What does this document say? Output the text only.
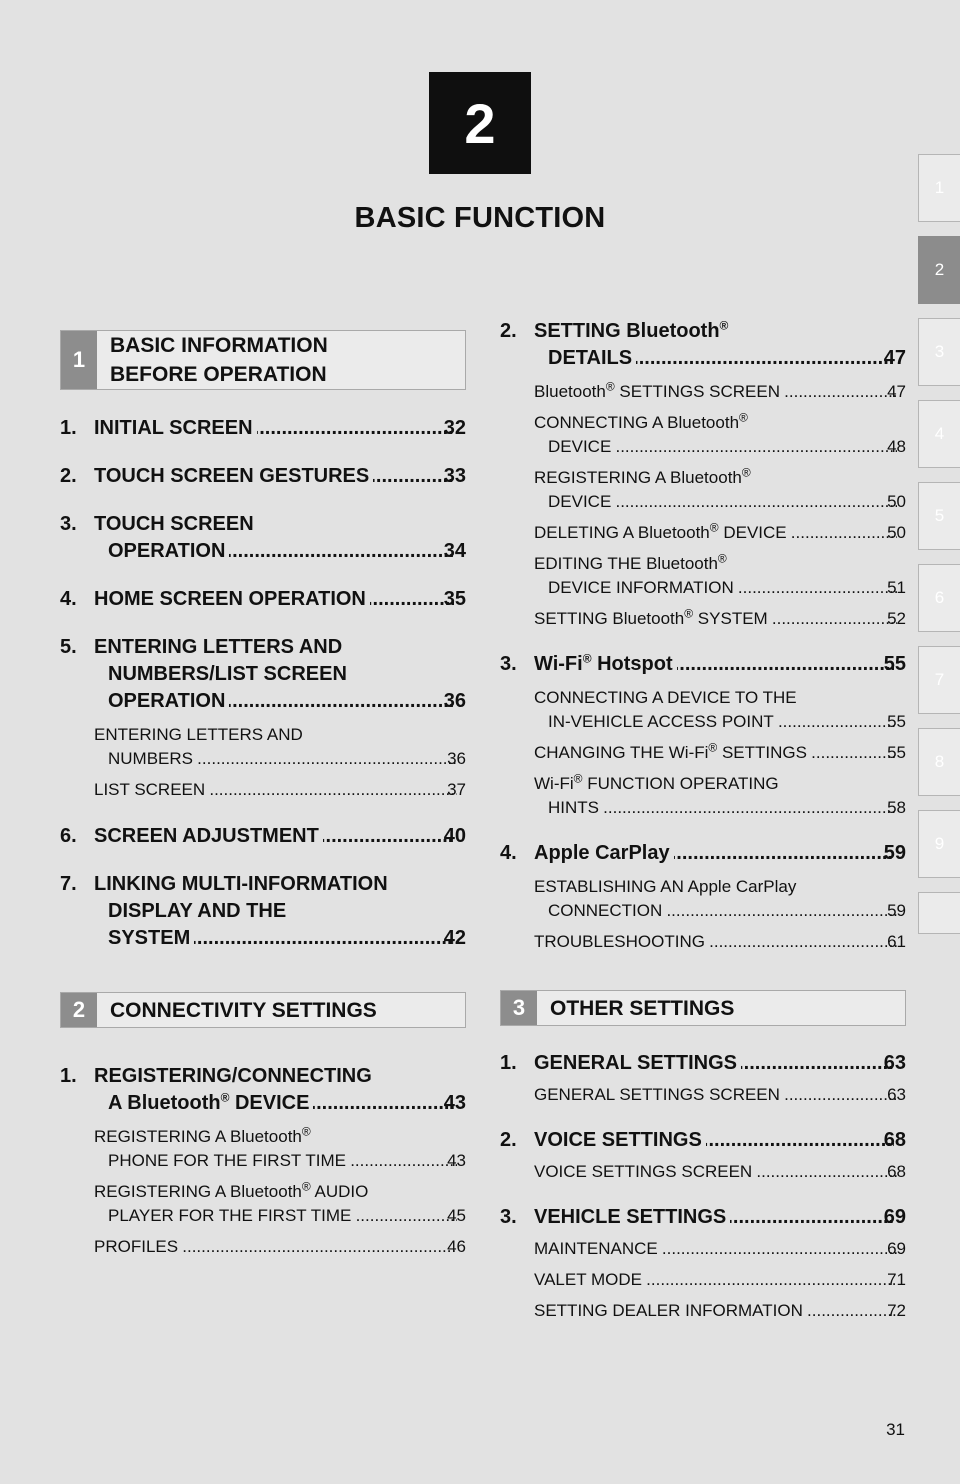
2
BASIC FUNCTION
1
2
3
4
5
6
7
8
9
1
BASIC INFORMATION
BEFORE OPERATION
1. INITIAL SCREEN .....	32
2. TOUCH SCREEN GESTURES .....	33
3. TOUCH SCREEN
OPERATION .....	34
4. HOME SCREEN OPERATION .....	35
5. ENTERING LETTERS AND
NUMBERS/LIST SCREEN
OPERATION .....	36
ENTERING LETTERS AND
NUMBERS .....	36
LIST SCREEN .....	37
6. SCREEN ADJUSTMENT .....	40
7. LINKING MULTI-INFORMATION
DISPLAY AND THE
SYSTEM .....	42
2	CONNECTIVITY SETTINGS
1. REGISTERING/CONNECTING
A Bluetooth® DEVICE .....	43
REGISTERING A Bluetooth®
PHONE FOR THE FIRST TIME .....	43
REGISTERING A Bluetooth® AUDIO
PLAYER FOR THE FIRST TIME .....	45
PROFILES .....	46
2. SETTING Bluetooth®
DETAILS .....	47
Bluetooth® SETTINGS SCREEN .....	47
CONNECTING A Bluetooth®
DEVICE .....	48
REGISTERING A Bluetooth®
DEVICE .....	50
DELETING A Bluetooth® DEVICE .....	50
EDITING THE Bluetooth®
DEVICE INFORMATION .....	51
SETTING Bluetooth® SYSTEM .....	52
3. Wi-Fi® Hotspot .....	55
CONNECTING A DEVICE TO THE
IN-VEHICLE ACCESS POINT .....	55
CHANGING THE Wi-Fi® SETTINGS .....	55
Wi-Fi® FUNCTION OPERATING
HINTS .....	58
4. Apple CarPlay .....	59
ESTABLISHING AN Apple CarPlay
CONNECTION .....	59
TROUBLESHOOTING .....	61
3	OTHER SETTINGS
1. GENERAL SETTINGS .....	63
GENERAL SETTINGS SCREEN .....	63
2. VOICE SETTINGS .....	68
VOICE SETTINGS SCREEN .....	68
3. VEHICLE SETTINGS .....	69
MAINTENANCE .....	69
VALET MODE .....	71
SETTING DEALER INFORMATION .....	72
31
